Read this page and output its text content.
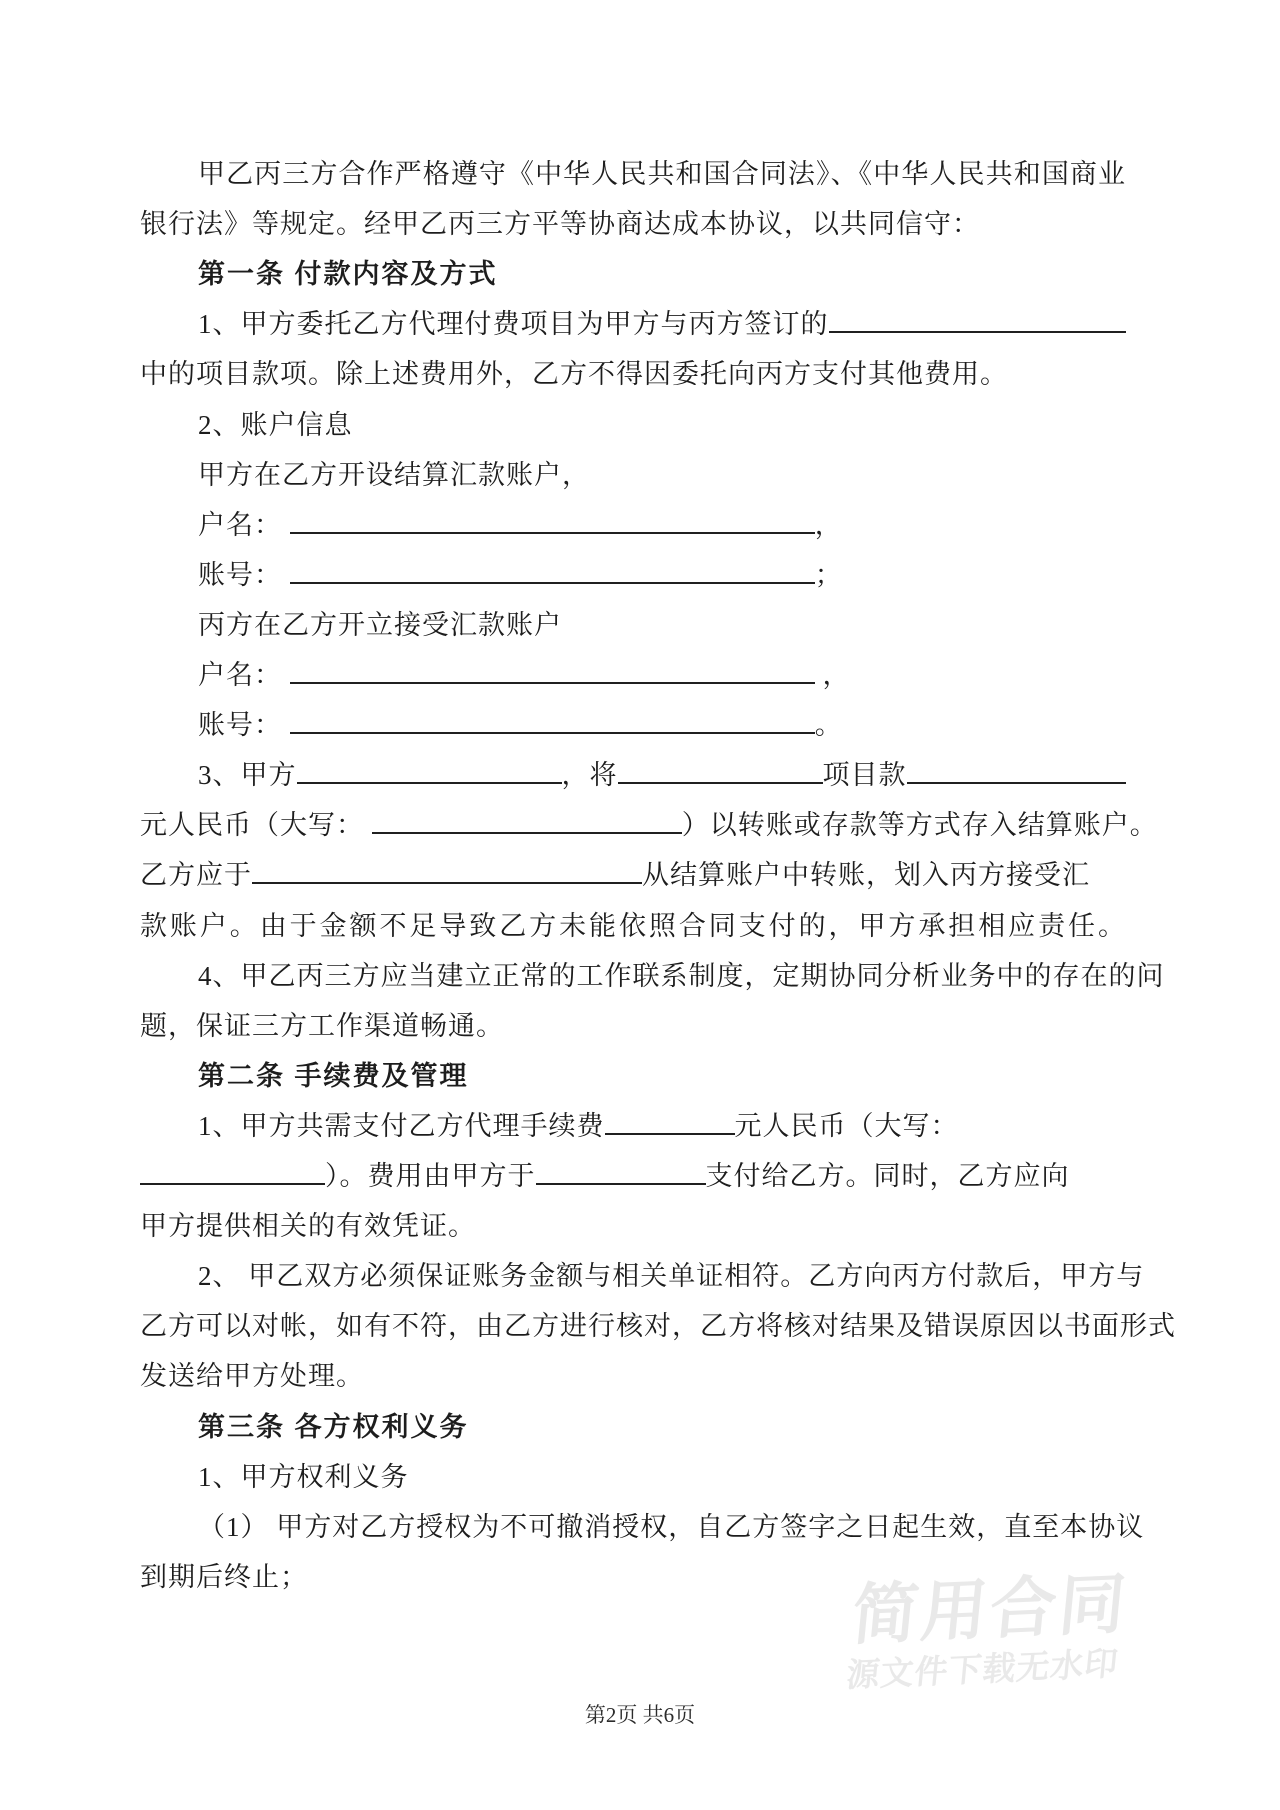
甲乙丙三方合作严格遵守《中华人民共和国合同法》、《中华人民共和国商业
银行法》等规定。经甲乙丙三方平等协商达成本协议，以共同信守：
第一条 付款内容及方式
1、甲方委托乙方代理付费项目为甲方与丙方签订的
中的项目款项。除上述费用外，乙方不得因委托向丙方支付其他费用。
2、账户信息
甲方在乙方开设结算汇款账户，
户名：	，
账号：	；
丙方在乙方开立接受汇款账户
户名：	，
账号：	。
3、甲方	，将	项目款
元人民币（大写：	）以转账或存款等方式存入结算账户。
乙方应于	从结算账户中转账，划入丙方接受汇
款账户。由于金额不足导致乙方未能依照合同支付的，甲方承担相应责任。
4、甲乙丙三方应当建立正常的工作联系制度，定期协同分析业务中的存在的问
题，保证三方工作渠道畅通。
第二条 手续费及管理
1、甲方共需支付乙方代理手续费	元人民币（大写：
）。费用由甲方于	支付给乙方。同时，乙方应向
甲方提供相关的有效凭证。
2、 甲乙双方必须保证账务金额与相关单证相符。乙方向丙方付款后，甲方与
乙方可以对帐，如有不符，由乙方进行核对，乙方将核对结果及错误原因以书面形式
发送给甲方处理。
第三条 各方权利义务
1、甲方权利义务
（1） 甲方对乙方授权为不可撤消授权，自乙方签字之日起生效，直至本协议
到期后终止；	简用合同
源文件下载无水印
第2页 共6页
